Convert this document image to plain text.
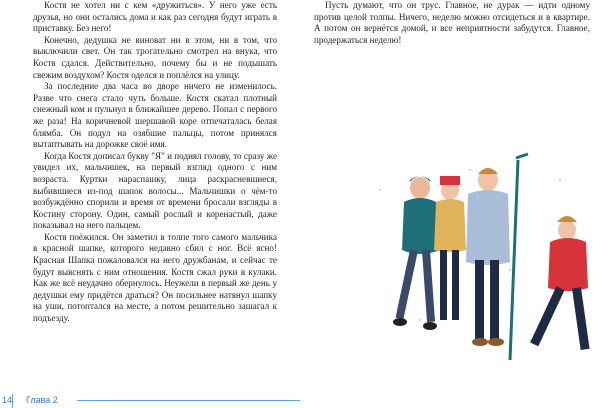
Костя не хотел ни с кем «дружиться». У него уже есть друзья, но они остались дома и как раз сегодня будут играть в приставку. Без него!

Конечно, дедушка не виноват ни в этом, ни в том, что выключили свет. Он так трогательно смотрел на внука, что Костя сдался. Действительно, почему бы и не подышать свежим воздухом? Костя оделся и поплёлся на улицу.

За последние два часа во дворе ничего не изменилось. Разве что снега стало чуть больше. Костя скатал плотный снежный ком и пульнул в ближайшее дерево. Попал с первого же раза! На коричневой шершавой коре отпечаталась белая блямба. Он подул на озябшие пальцы, потом принялся вытаптывать на дорожке своё имя.

Когда Костя дописал букву "Я" и поднял голову, то сразу же увидел их, мальчишек, на первый взгляд одного с ним возраста. Куртки нараспашку, лица раскрасневшиеся, выбившиеся из-под шапок волосы... Мальчишки о чём-то возбуждённо спорили и время от времени бросали взгляды в Костину сторону. Один, самый рослый и коренастый, даже показывал на него пальцем.

Костя поёжился. Он заметил в толпе того самого мальчика в красной шапке, которого недавно сбил с ног. Всё ясно! Красная Шапка пожаловался на него дружбанам, и сейчас те будут выяснять с ним отношения. Костя сжал руки в кулаки. Как же всё неудачно обернулось. Неужели в первый же день у дедушки ему придётся драться? Он посильнее натянул шапку на уши, потоптался на месте, а потом решительно зашагал к подъезду.

14 Глава 2

Пусть думают, что он трус. Главное, не дурак — идти одному против целой толпы. Ничего, неделю можно отсидеться и в квартире. А потом он вернётся домой, и все неприятности забудутся. Главное, продержаться неделю!
